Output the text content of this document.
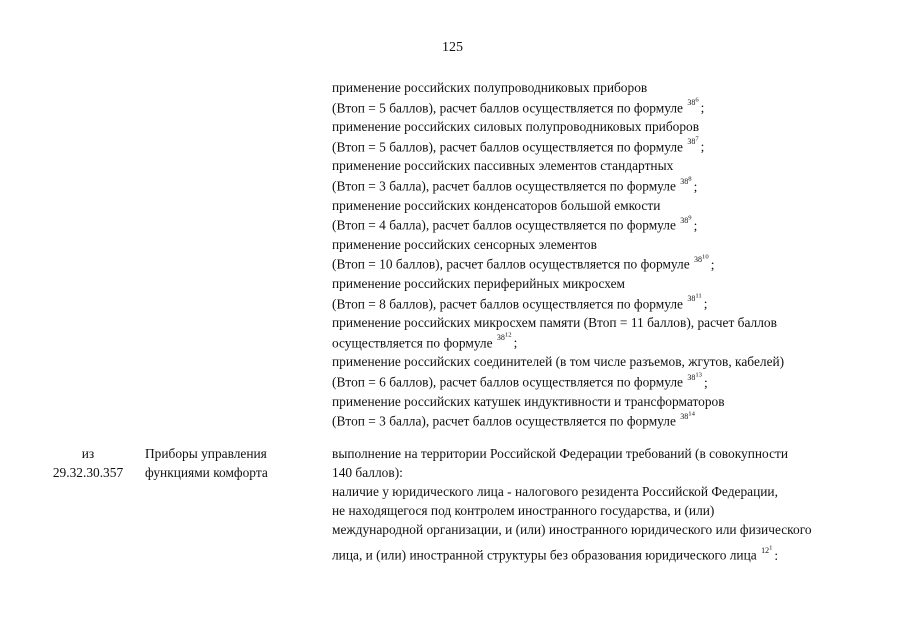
125
применение российских полупроводниковых приборов
(Втоп = 5 баллов), расчет баллов осуществляется по формуле $^{38^6}$;
применение российских силовых полупроводниковых приборов
(Втоп = 5 баллов), расчет баллов осуществляется по формуле $^{38^7}$;
применение российских пассивных элементов стандартных
(Втоп = 3 балла), расчет баллов осуществляется по формуле $^{38^8}$;
применение российских конденсаторов большой емкости
(Втоп = 4 балла), расчет баллов осуществляется по формуле $^{38^9}$;
применение российских сенсорных элементов
(Втоп = 10 баллов), расчет баллов осуществляется по формуле $^{38^{10}}$;
применение российских периферийных микросхем
(Втоп = 8 баллов), расчет баллов осуществляется по формуле $^{38^{11}}$;
применение российских микросхем памяти (Втоп = 11 баллов), расчет баллов
осуществляется по формуле $^{38^{12}}$;
применение российских соединителей (в том числе разъемов, жгутов, кабелей)
(Втоп = 6 баллов), расчет баллов осуществляется по формуле $^{38^{13}}$;
применение российских катушек индуктивности и трансформаторов
(Втоп = 3 балла), расчет баллов осуществляется по формуле $^{38^{14}}$
из
29.32.30.357
Приборы управления
функциями комфорта
выполнение на территории Российской Федерации требований (в совокупности
140 баллов):
наличие у юридического лица - налогового резидента Российской Федерации,
не находящегося под контролем иностранного государства, и (или)
международной организации, и (или) иностранного юридического или физического
лица, и (или) иностранной структуры без образования юридического лица $^{12^1}$:
